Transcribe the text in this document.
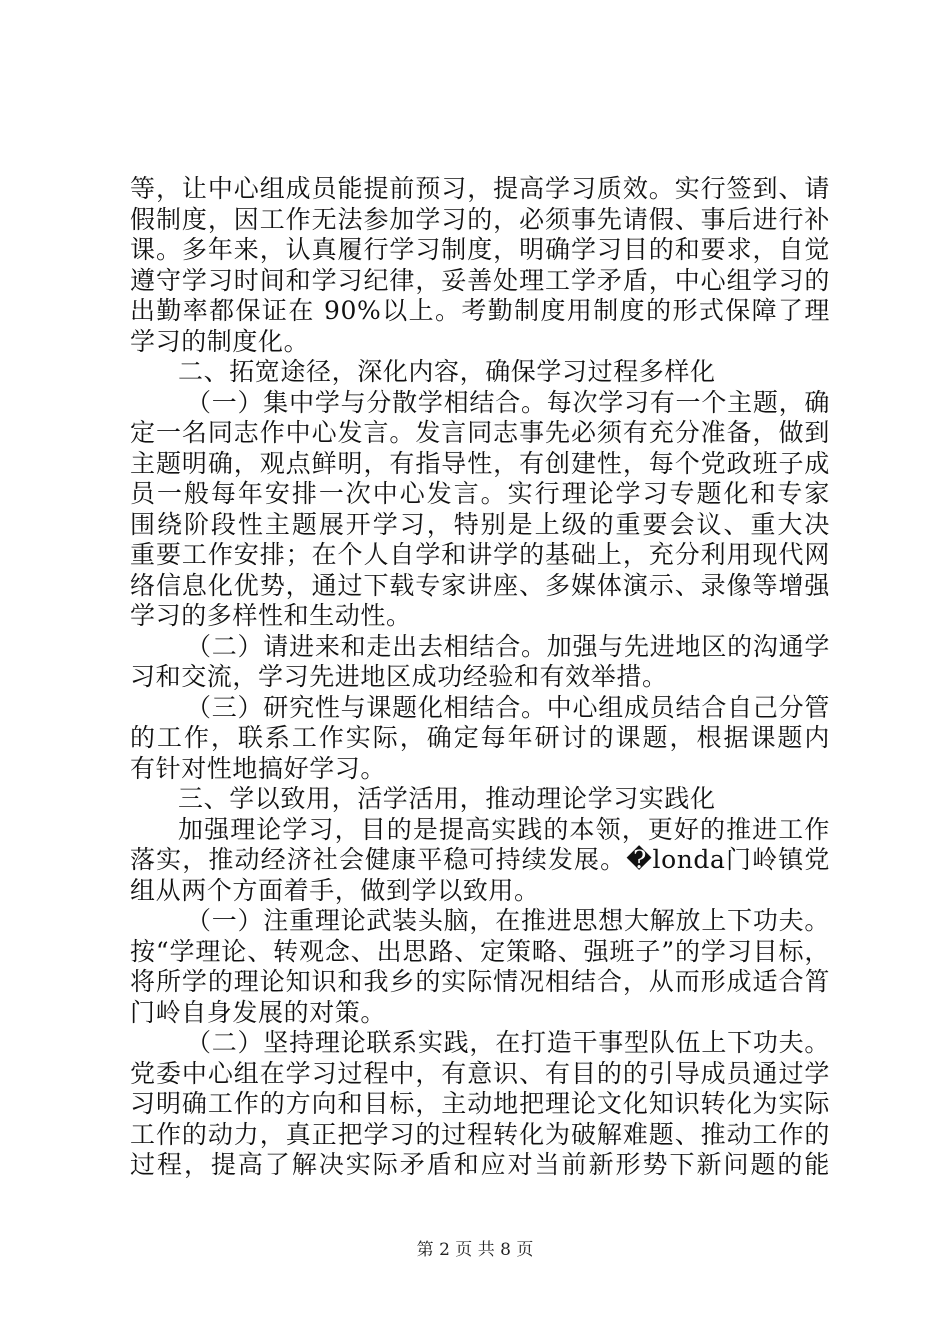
等，让中心组成员能提前预习，提高学习质效。实行签到、请
假制度，因工作无法参加学习的，必须事先请假、事后进行补
课。多年来，认真履行学习制度，明确学习目的和要求，自觉
遵守学习时间和学习纪律，妥善处理工学矛盾，中心组学习的
出勤率都保证在 90%以上。考勤制度用制度的形式保障了理
学习的制度化。
二、拓宽途径，深化内容，确保学习过程多样化
（一）集中学与分散学相结合。每次学习有一个主题，确
定一名同志作中心发言。发言同志事先必须有充分准备，做到
主题明确，观点鲜明，有指导性，有创建性，每个党政班子成
员一般每年安排一次中心发言。实行理论学习专题化和专家
围绕阶段性主题展开学习，特别是上级的重要会议、重大决
重要工作安排；在个人自学和讲学的基础上，充分利用现代网
络信息化优势，通过下载专家讲座、多媒体演示、录像等增强
学习的多样性和生动性。
（二）请进来和走出去相结合。加强与先进地区的沟通学
习和交流，学习先进地区成功经验和有效举措。
（三）研究性与课题化相结合。中心组成员结合自己分管
的工作，联系工作实际，确定每年研讨的课题，根据课题内
有针对性地搞好学习。
三、学以致用，活学活用，推动理论学习实践化
加强理论学习，目的是提高实践的本领，更好的推进工作
落实，推动经济社会健康平稳可持续发展。�londa门岭镇党
组从两个方面着手，做到学以致用。
（一）注重理论武装头脑，在推进思想大解放上下功夫。
按“学理论、转观念、出思路、定策略、强班子”的学习目标，
将所学的理论知识和我乡的实际情况相结合，从而形成适合筲
门岭自身发展的对策。
（二）坚持理论联系实践，在打造干事型队伍上下功夫。
党委中心组在学习过程中，有意识、有目的的引导成员通过学
习明确工作的方向和目标，主动地把理论文化知识转化为实际
工作的动力，真正把学习的过程转化为破解难题、推动工作的
过程，提高了解决实际矛盾和应对当前新形势下新问题的能
第 2 页 共 8 页
